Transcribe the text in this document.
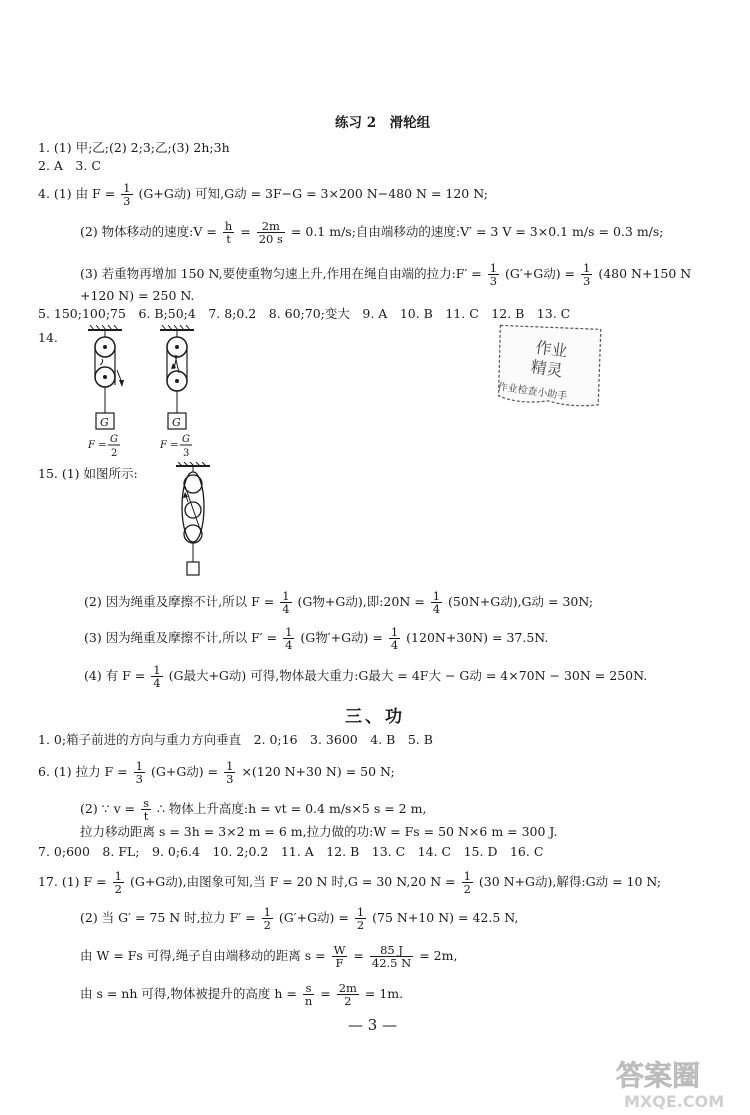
练习 2　滑轮组
1. (1) 甲;乙;(2) 2;3;乙;(3) 2h;3h
2. A　3. C
4. (1) 由 $F = \frac{1}{3} (G+G$动) 可知,G动 = 3F−G = 3×200 N−480 N = 120 N;
(2) 物体移动的速度:V = $\frac{h}{t} = \frac{2m}{20 s} = 0.1$ m/s;自由端移动的速度:V′ = 3 V = 3×0.1 m/s = 0.3 m/s;
(3) 若重物再增加 150 N,要使重物匀速上升,作用在绳自由端的拉力:F′ = $\frac{1}{3} (G'+G$动) = $\frac{1}{3} (480$ N+150 N
+120 N) = 250 N.
5. 150;100;75　6. B;50;4　7. 8;0.2　8. 60;70;变大　9. A　10. B　11. C　12. B　13. C
14.
G
F =
G
2
G
F =
G
3
作业
精灵
作业检查小助手
15. (1) 如图所示:
(2) 因为绳重及摩擦不计,所以 $F = \frac{1}{4} (G$物+G动),即:20N = $\frac{1}{4} (50N+G$动),G动 = 30N;
(3) 因为绳重及摩擦不计,所以 $F' = \frac{1}{4} (G$物′+G动) = $\frac{1}{4} (120N+30N) = 37.5N$.
(4) 有 $F = \frac{1}{4} (G$最大+G动) 可得,物体最大重力:G最大 = 4F大 − G动 = 4×70N − 30N = 250N.
三、功
1. 0;箱子前进的方向与重力方向垂直　2. 0;16　3. 3600　4. B　5. B
6. (1) 拉力 $F = \frac{1}{3} (G+G$动) = $\frac{1}{3} \times(120$ N+30 N) = 50 N;
(2) ∵ $v = \frac{s}{t}$ ∴ 物体上升高度:h = vt = 0.4 m/s×5 s = 2 m,
拉力移动距离 s = 3h = 3×2 m = 6 m,拉力做的功:W = Fs = 50 N×6 m = 300 J.
7. 0;600　8. FL;　9. 0;6.4　10. 2;0.2　11. A　12. B　13. C　14. C　15. D　16. C
17. (1) $F = \frac{1}{2} (G+G$动),由图象可知,当 F = 20 N 时,G = 30 N,20 $N = \frac{1}{2} (30$ N+G动),解得:G动 = 10 N;
(2) 当 G′ = 75 N 时,拉力 $F' = \frac{1}{2} (G'+G$动) = $\frac{1}{2} (75$ N+10 N) = 42.5 N,
由 W = Fs 可得,绳子自由端移动的距离 $s = \frac{W}{F} = \frac{85 J}{42.5 N} = 2m$,
由 s = nh 可得,物体被提升的高度 $h = \frac{s}{n} = \frac{2m}{2} = 1m$.
— 3 —
答案圈
MXQE.COM
